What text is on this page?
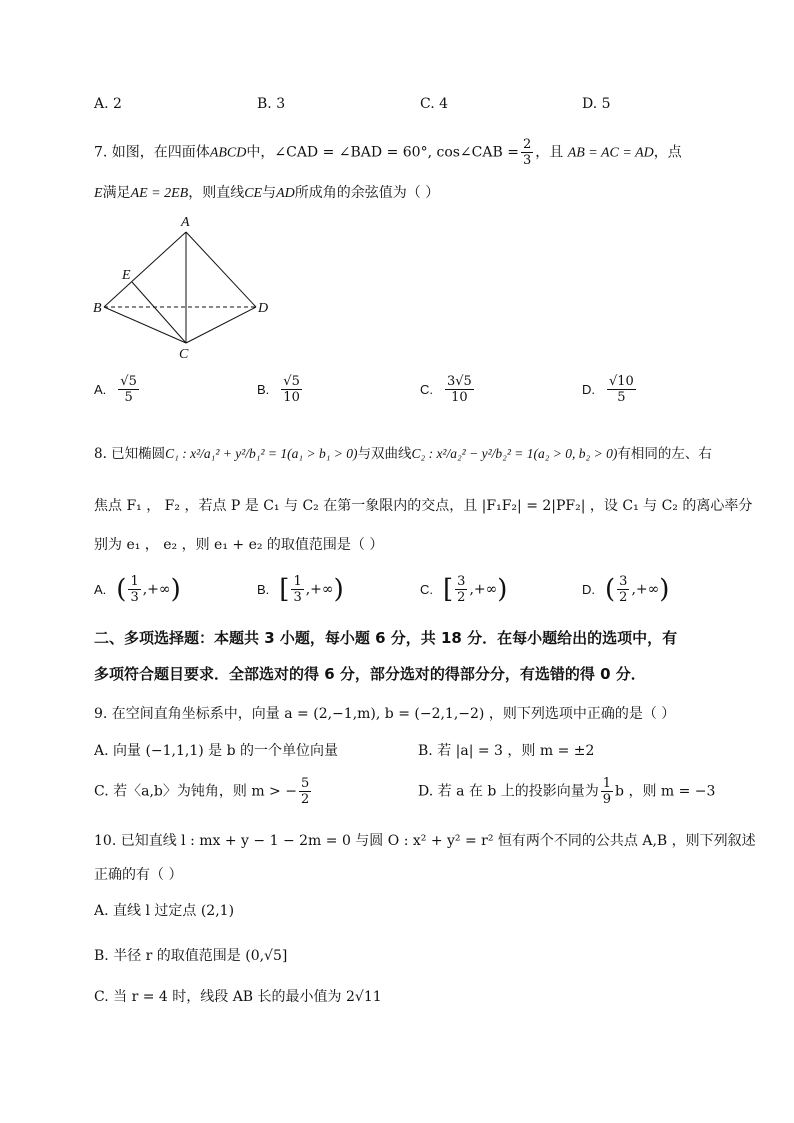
A. 2	B. 3	C. 4	D. 5
7. 如图，在四面体ABCD中，∠CAD = ∠BAD = 60°, cos∠CAB = $\frac{2}{3}$ ，且 AB = AC = AD，点
E满足AE = 2EB，则直线CE与AD所成角的余弦值为（ ）
A
B
C
D
E
A. $\frac{√5}{5}$	B. $\frac{√5}{10}$	C. $\frac{3√5}{10}$	D. $\frac{√10}{5}$
8. 已知椭圆C₁ : x²/a₁² + y²/b₁² = 1(a₁ > b₁ > 0)与双曲线C₂ : x²/a₂² − y²/b₂² = 1(a₂ > 0, b₂ > 0)有相同的左、右
焦点 F₁ ， F₂ ，若点 P 是 C₁ 与 C₂ 在第一象限内的交点，且 |F₁F₂| = 2|PF₂| ，设 C₁ 与 C₂ 的离心率分
别为 e₁ ， e₂ ，则 e₁ + e₂ 的取值范围是（ ）
A. ( $\frac{1}{3}$ ,+∞)	B. [ $\frac{1}{3}$ ,+∞)	C. [ $\frac{3}{2}$ ,+∞)	D. ( $\frac{3}{2}$ ,+∞)
二、多项选择题：本题共 3 小题，每小题 6 分，共 18 分．在每小题给出的选项中，有
多项符合题目要求．全部选对的得 6 分，部分选对的得部分分，有选错的得 0 分．
9. 在空间直角坐标系中，向量 a = (2,−1,m), b = (−2,1,−2) ，则下列选项中正确的是（ ）
A. 向量 (−1,1,1) 是 b 的一个单位向量	B. 若 |a| = 3 ，则 m = ±2
C. 若〈a,b〉为钝角，则 m > − $\frac{5}{2}$	D. 若 a 在 b 上的投影向量为 $\frac{1}{9}$ b ，则 m = −3
10. 已知直线 l : mx + y − 1 − 2m = 0 与圆 O : x² + y² = r² 恒有两个不同的公共点 A,B ，则下列叙述
正确的有（ ）
A. 直线 l 过定点 (2,1)
B. 半径 r 的取值范围是 (0,√5]
C. 当 r = 4 时，线段 AB 长的最小值为 2√11
